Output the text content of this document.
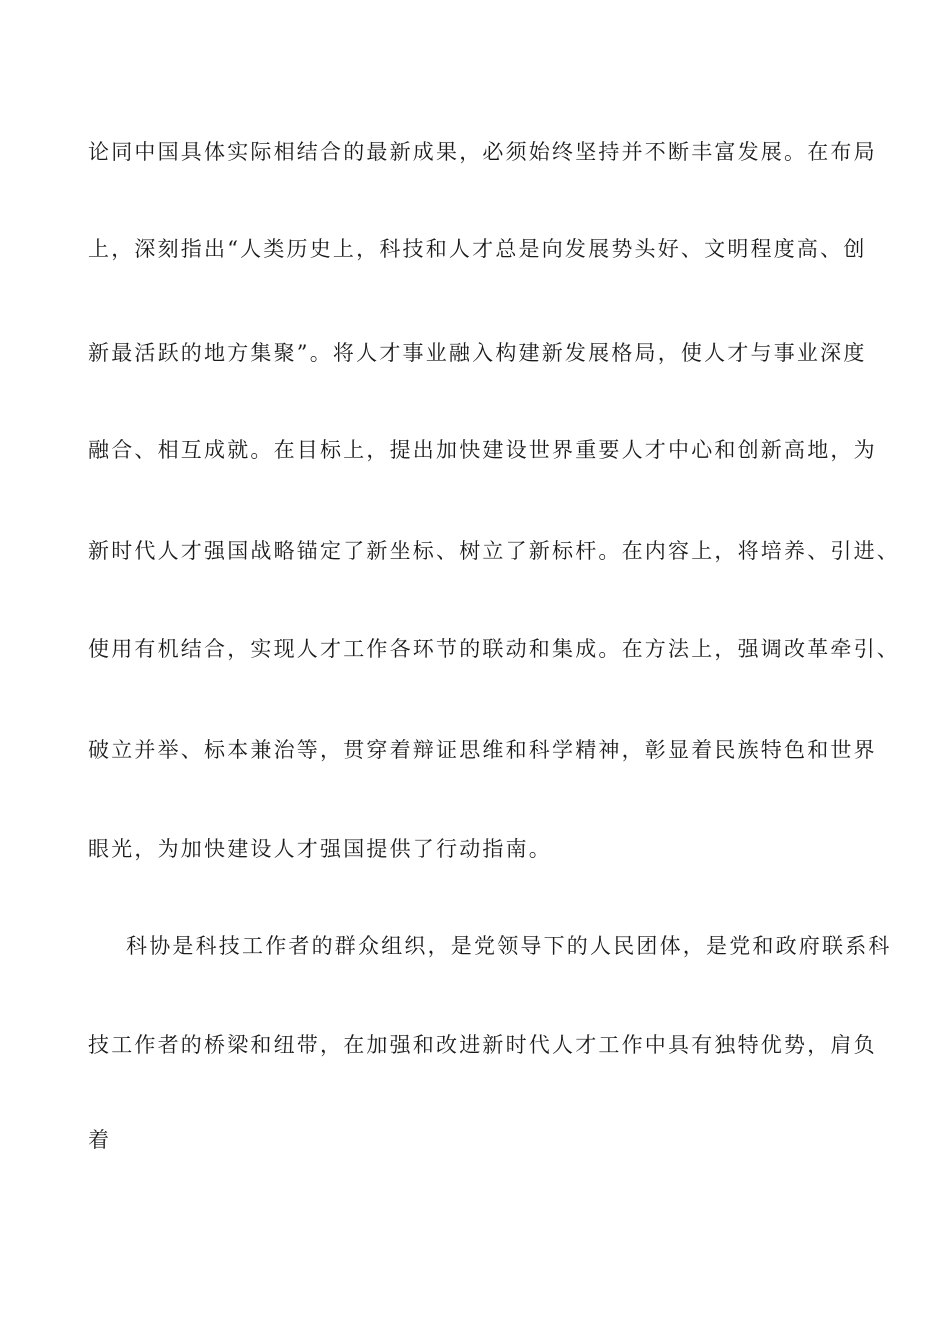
论同中国具体实际相结合的最新成果，必须始终坚持并不断丰富发展。在布局
上，深刻指出“人类历史上，科技和人才总是向发展势头好、文明程度高、创
新最活跃的地方集聚”。将人才事业融入构建新发展格局，使人才与事业深度
融合、相互成就。在目标上，提出加快建设世界重要人才中心和创新高地，为
新时代人才强国战略锚定了新坐标、树立了新标杆。在内容上，将培养、引进、
使用有机结合，实现人才工作各环节的联动和集成。在方法上，强调改革牵引、
破立并举、标本兼治等，贯穿着辩证思维和科学精神，彰显着民族特色和世界
眼光，为加快建设人才强国提供了行动指南。
科协是科技工作者的群众组织，是党领导下的人民团体，是党和政府联系科
技工作者的桥梁和纽带，在加强和改进新时代人才工作中具有独特优势，肩负
着
